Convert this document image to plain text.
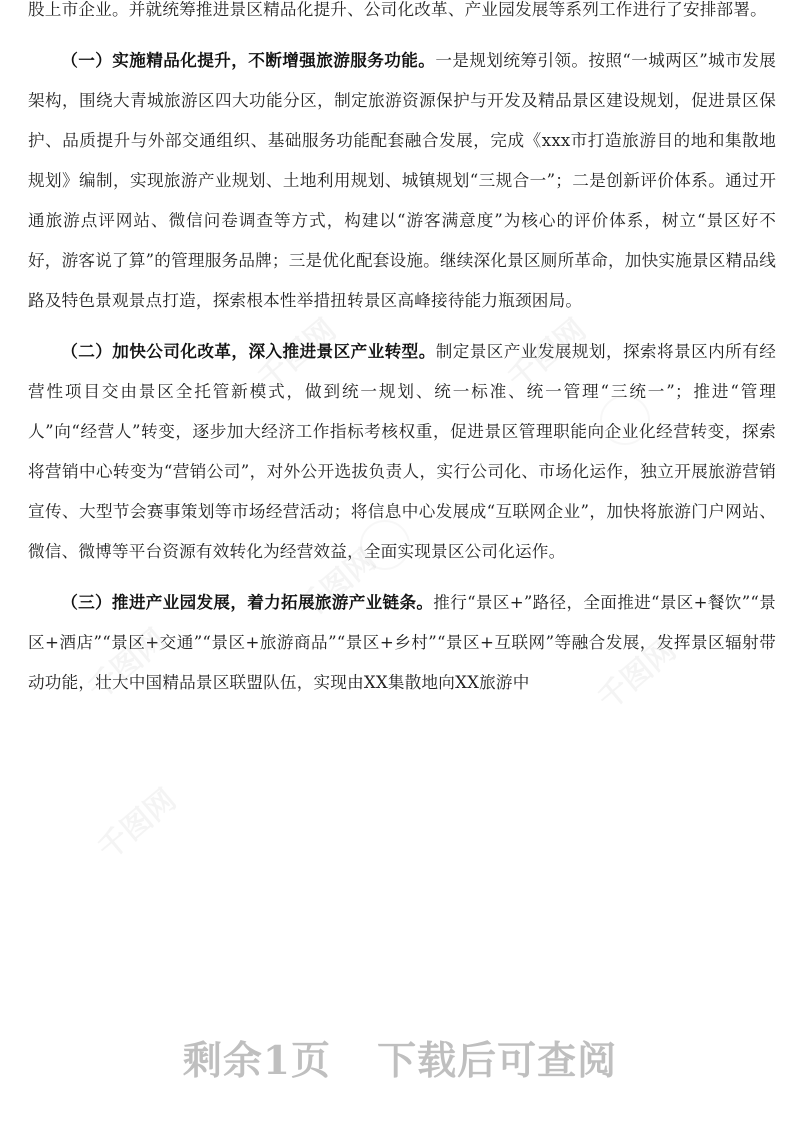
股上市企业。并就统筹推进景区精品化提升、公司化改革、产业园发展等系列工作进行了安排部署。

（一）实施精品化提升，不断增强旅游服务功能。一是规划统筹引领。按照“一城两区”城市发展架构，围绕大青城旅游区四大功能分区，制定旅游资源保护与开发及精品景区建设规划，促进景区保护、品质提升与外部交通组织、基础服务功能配套融合发展，完成《xxx市打造旅游目的地和集散地规划》编制，实现旅游产业规划、土地利用规划、城镇规划“三规合一”；二是创新评价体系。通过开通旅游点评网站、微信问卷调查等方式，构建以“游客满意度”为核心的评价体系，树立“景区好不好，游客说了算”的管理服务品牌；三是优化配套设施。继续深化景区厕所革命，加快实施景区精品线路及特色景观景点打造，探索根本性举措扭转景区高峰接待能力瓶颈困局。

（二）加快公司化改革，深入推进景区产业转型。制定景区产业发展规划，探索将景区内所有经营性项目交由景区全托管新模式，做到统一规划、统一标准、统一管理“三统一”；推进“管理人”向“经营人”转变，逐步加大经济工作指标考核权重，促进景区管理职能向企业化经营转变，探索将营销中心转变为“营销公司”，对外公开选拔负责人，实行公司化、市场化运作，独立开展旅游营销宣传、大型节会赛事策划等市场经营活动；将信息中心发展成“互联网企业”，加快将旅游门户网站、微信、微博等平台资源有效转化为经营效益，全面实现景区公司化运作。

（三）推进产业园发展，着力拓展旅游产业链条。推行“景区+”路径，全面推进“景区+餐饮”“景区+酒店”“景区+交通”“景区+旅游商品”“景区+乡村”“景区+互联网”等融合发展，发挥景区辐射带动功能，壮大中国精品景区联盟队伍，实现由XX集散地向XX旅游中

千图网
千图网
千图网
千图网
千图网
千图网
剩余1页 下载后可查阅
